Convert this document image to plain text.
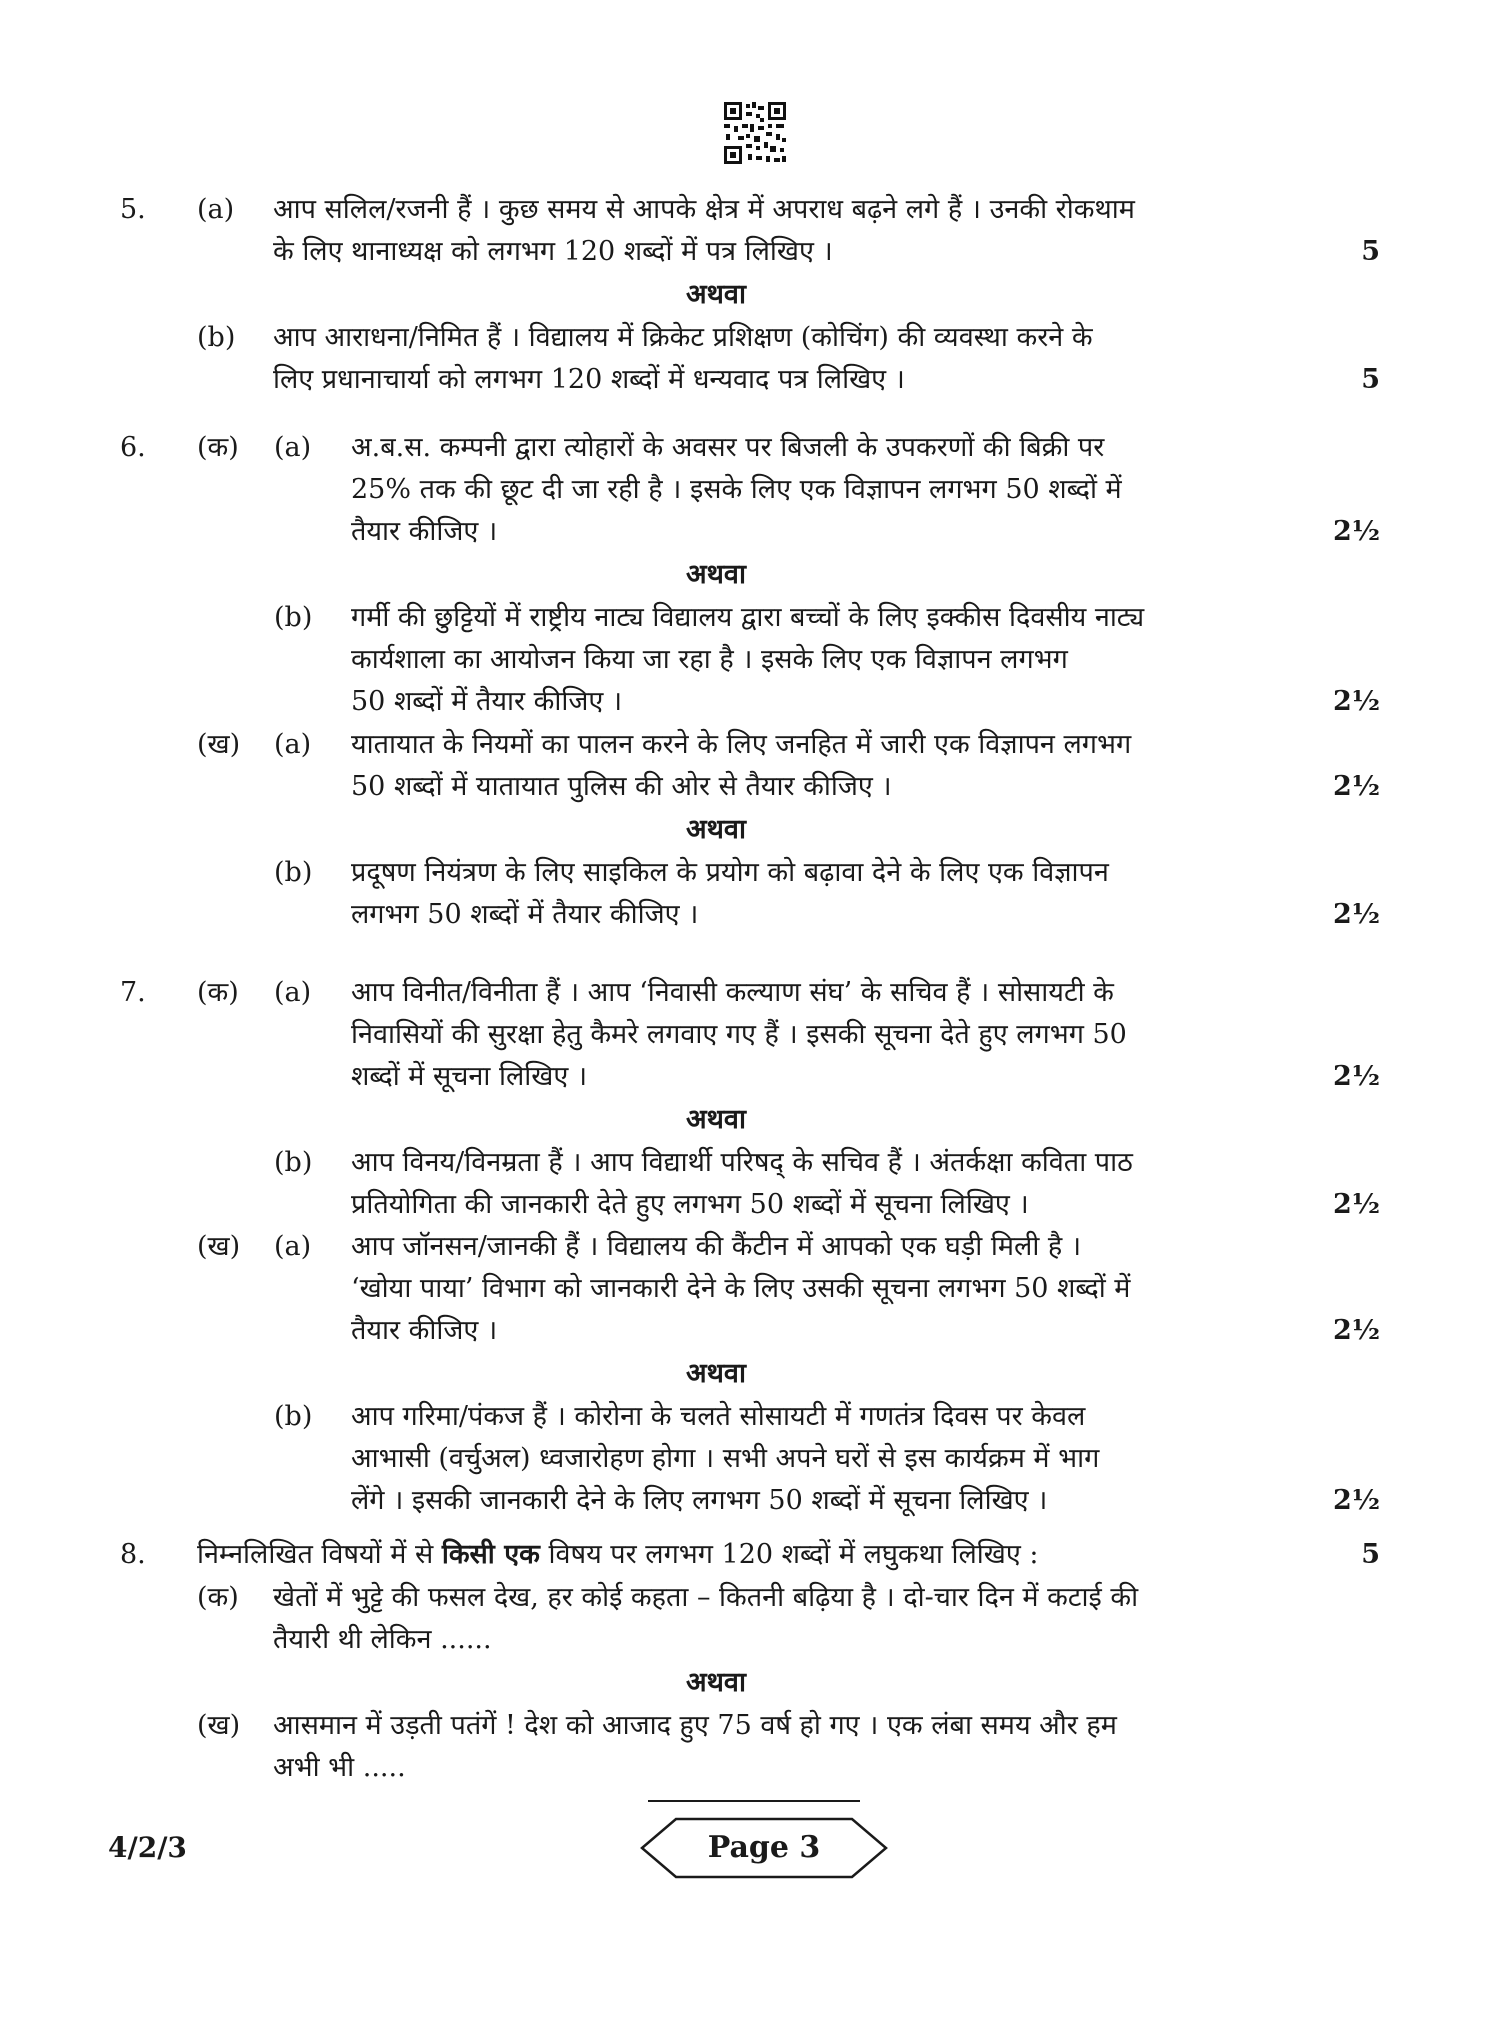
5. (a) आप सलिल/रजनी हैं । कुछ समय से आपके क्षेत्र में अपराध बढ़ने लगे हैं । उनकी रोकथाम
के लिए थानाध्यक्ष को लगभग 120 शब्दों में पत्र लिखिए ।	5
अथवा
(b) आप आराधना/निमित हैं । विद्यालय में क्रिकेट प्रशिक्षण (कोचिंग) की व्यवस्था करने के
लिए प्रधानाचार्या को लगभग 120 शब्दों में धन्यवाद पत्र लिखिए ।	5
6. (क) (a) अ.ब.स. कम्पनी द्वारा त्योहारों के अवसर पर बिजली के उपकरणों की बिक्री पर
25% तक की छूट दी जा रही है । इसके लिए एक विज्ञापन लगभग 50 शब्दों में
तैयार कीजिए ।	2½
अथवा
(b) गर्मी की छुट्टियों में राष्ट्रीय नाट्य विद्यालय द्वारा बच्चों के लिए इक्कीस दिवसीय नाट्य
कार्यशाला का आयोजन किया जा रहा है । इसके लिए एक विज्ञापन लगभग
50 शब्दों में तैयार कीजिए ।	2½
(ख) (a) यातायात के नियमों का पालन करने के लिए जनहित में जारी एक विज्ञापन लगभग
50 शब्दों में यातायात पुलिस की ओर से तैयार कीजिए ।	2½
अथवा
(b) प्रदूषण नियंत्रण के लिए साइकिल के प्रयोग को बढ़ावा देने के लिए एक विज्ञापन
लगभग 50 शब्दों में तैयार कीजिए ।	2½
7. (क) (a) आप विनीत/विनीता हैं । आप ‘निवासी कल्याण संघ’ के सचिव हैं । सोसायटी के
निवासियों की सुरक्षा हेतु कैमरे लगवाए गए हैं । इसकी सूचना देते हुए लगभग 50
शब्दों में सूचना लिखिए ।	2½
अथवा
(b) आप विनय/विनम्रता हैं । आप विद्यार्थी परिषद् के सचिव हैं । अंतर्कक्षा कविता पाठ
प्रतियोगिता की जानकारी देते हुए लगभग 50 शब्दों में सूचना लिखिए ।	2½
(ख) (a) आप जॉनसन/जानकी हैं । विद्यालय की कैंटीन में आपको एक घड़ी मिली है ।
‘खोया पाया’ विभाग को जानकारी देने के लिए उसकी सूचना लगभग 50 शब्दों में
तैयार कीजिए ।	2½
अथवा
(b) आप गरिमा/पंकज हैं । कोरोना के चलते सोसायटी में गणतंत्र दिवस पर केवल
आभासी (वर्चुअल) ध्वजारोहण होगा । सभी अपने घरों से इस कार्यक्रम में भाग
लेंगे । इसकी जानकारी देने के लिए लगभग 50 शब्दों में सूचना लिखिए ।	2½
8. निम्नलिखित विषयों में से किसी एक विषय पर लगभग 120 शब्दों में लघुकथा लिखिए :	5
(क) खेतों में भुट्टे की फसल देख, हर कोई कहता – कितनी बढ़िया है । दो-चार दिन में कटाई की
तैयारी थी लेकिन ......
अथवा
(ख) आसमान में उड़ती पतंगें ! देश को आजाद हुए 75 वर्ष हो गए । एक लंबा समय और हम
अभी भी .....
4/2/3	Page 3
